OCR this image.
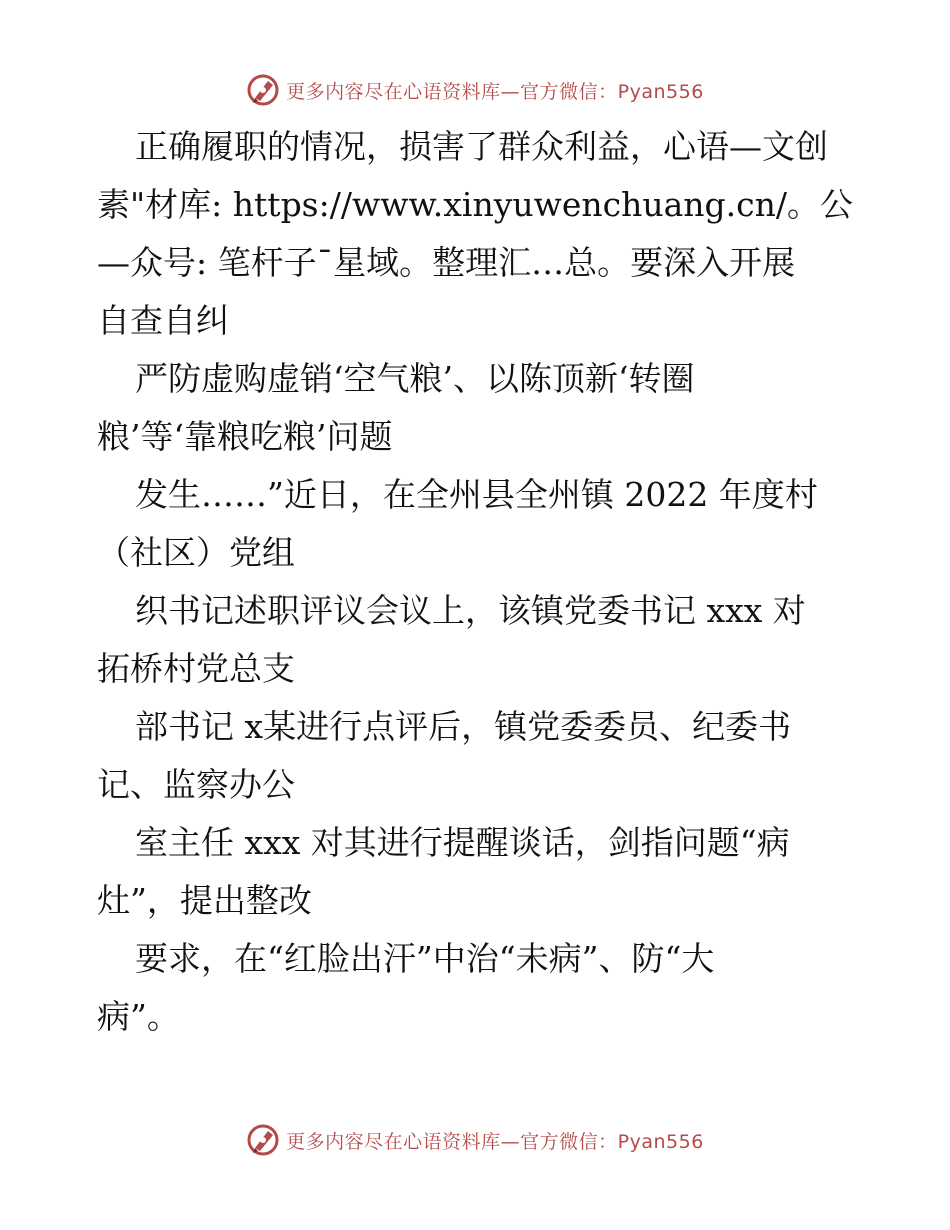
更多内容尽在心语资料库—官方微信：Pyan556
正确履职的情况，损害了群众利益，心语—文创
素"材库: https://www.xinyuwenchuang.cn/。公
—众号: 笔杆子¯星域。整理汇…总。要深入开展
自查自纠
严防虚购虚销‘空气粮’、以陈顶新‘转圈
粮’等‘靠粮吃粮’问题
发生……”近日，在全州县全州镇 2022 年度村
（社区）党组
织书记述职评议会议上，该镇党委书记 xxx 对
拓桥村党总支
部书记 x某进行点评后，镇党委委员、纪委书
记、监察办公
室主任 xxx 对其进行提醒谈话，剑指问题“病
灶”，提出整改
要求，在“红脸出汗”中治“未病”、防“大
病”。
更多内容尽在心语资料库—官方微信：Pyan556
